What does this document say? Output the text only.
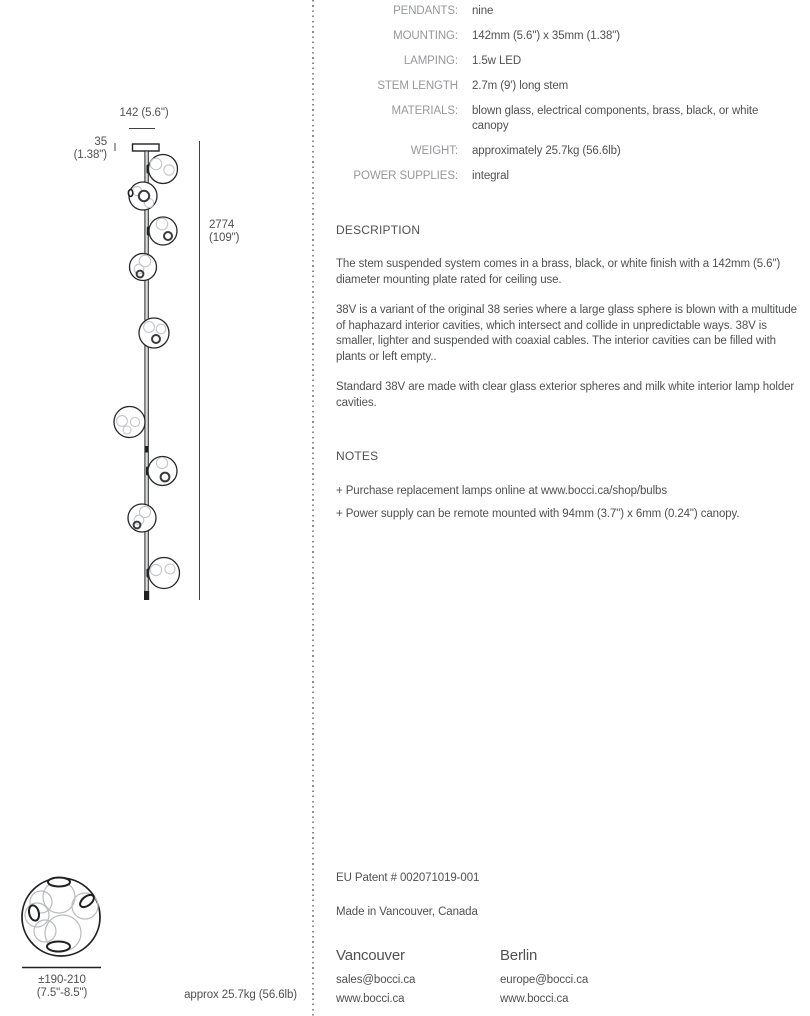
142 (5.6")
35
(1.38")
2774
(109")
±190-210
(7.5"-8.5")	approx 25.7kg (56.6lb)
PENDANTS: nine
MOUNTING: 142mm (5.6") x 35mm (1.38")
LAMPING: 1.5w LED
STEM LENGTH 2.7m (9') long stem
MATERIALS: blown glass, electrical components, brass, black, or white canopy
WEIGHT: approximately 25.7kg (56.6lb)
POWER SUPPLIES: integral
DESCRIPTION

The stem suspended system comes in a brass, black, or white finish with a 142mm (5.6") diameter mounting plate rated for ceiling use.

38V is a variant of the original 38 series where a large glass sphere is blown with a multitude of haphazard interior cavities, which intersect and collide in unpredictable ways. 38V is smaller, lighter and suspended with coaxial cables. The interior cavities can be filled with plants or left empty..

Standard 38V are made with clear glass exterior spheres and milk white interior lamp holder cavities.

NOTES

+ Purchase replacement lamps online at www.bocci.ca/shop/bulbs

+ Power supply can be remote mounted with 94mm (3.7") x 6mm (0.24") canopy.

EU Patent # 002071019-001
Made in Vancouver, Canada
Vancouver
sales@bocci.ca
www.bocci.ca
Berlin
europe@bocci.ca
www.bocci.ca
